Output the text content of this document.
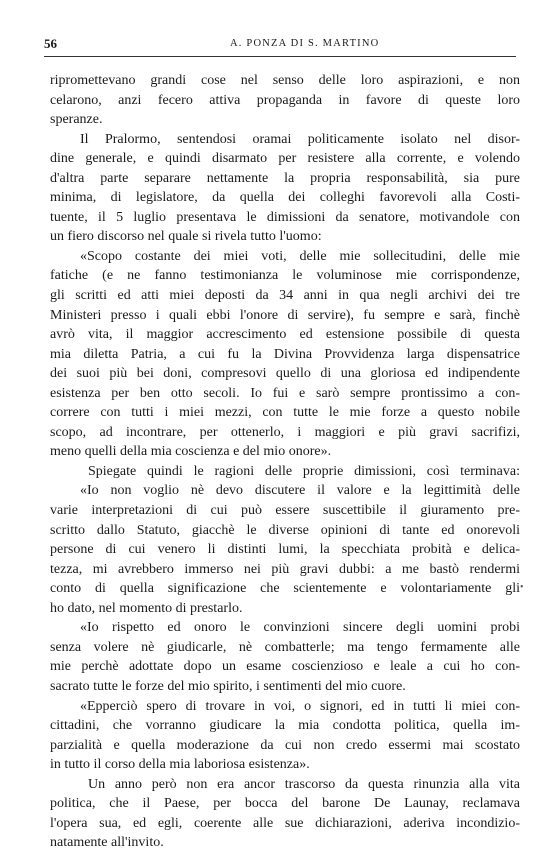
56	A. PONZA DI S. MARTINO
ripromettevano grandi cose nel senso delle loro aspirazioni, e non
celarono, anzi fecero attiva propaganda in favore di queste loro
speranze.
Il Pralormo, sentendosi oramai politicamente isolato nel disor-
dine generale, e quindi disarmato per resistere alla corrente, e volendo
d'altra parte separare nettamente la propria responsabilità, sia pure
minima, di legislatore, da quella dei colleghi favorevoli alla Costi-
tuente, il 5 luglio presentava le dimissioni da senatore, motivandole con
un fiero discorso nel quale si rivela tutto l'uomo:
«Scopo costante dei miei voti, delle mie sollecitudini, delle mie
fatiche (e ne fanno testimonianza le voluminose mie corrispondenze,
gli scritti ed atti miei deposti da 34 anni in qua negli archivi dei tre
Ministeri presso i quali ebbi l'onore di servire), fu sempre e sarà, finchè
avrò vita, il maggior accrescimento ed estensione possibile di questa
mia diletta Patria, a cui fu la Divina Provvidenza larga dispensatrice
dei suoi più bei doni, compresovi quello di una gloriosa ed indipendente
esistenza per ben otto secoli. Io fui e sarò sempre prontissimo a con-
correre con tutti i miei mezzi, con tutte le mie forze a questo nobile
scopo, ad incontrare, per ottenerlo, i maggiori e più gravi sacrifizi,
meno quelli della mia coscienza e del mio onore».
Spiegate quindi le ragioni delle proprie dimissioni, così terminava:
«Io non voglio nè devo discutere il valore e la legittimità delle
varie interpretazioni di cui può essere suscettibile il giuramento pre-
scritto dallo Statuto, giacchè le diverse opinioni di tante ed onorevoli
persone di cui venero li distinti lumi, la specchiata probità e delica-
tezza, mi avrebbero immerso nei più gravi dubbi: a me bastò rendermi
conto di quella significazione che scientemente e volontariamente gli
ho dato, nel momento di prestarlo.
«Io rispetto ed onoro le convinzioni sincere degli uomini probi
senza volere nè giudicarle, nè combatterle; ma tengo fermamente alle
mie perchè adottate dopo un esame coscienzioso e leale a cui ho con-
sacrato tutte le forze del mio spirito, i sentimenti del mio cuore.
«Epperciò spero di trovare in voi, o signori, ed in tutti li miei con-
cittadini, che vorranno giudicare la mia condotta politica, quella im-
parzialità e quella moderazione da cui non credo essermi mai scostato
in tutto il corso della mia laboriosa esistenza».
Un anno però non era ancor trascorso da questa rinunzia alla vita
politica, che il Paese, per bocca del barone De Launay, reclamava
l'opera sua, ed egli, coerente alle sue dichiarazioni, aderiva incondizio-
natamente all'invito.
•
